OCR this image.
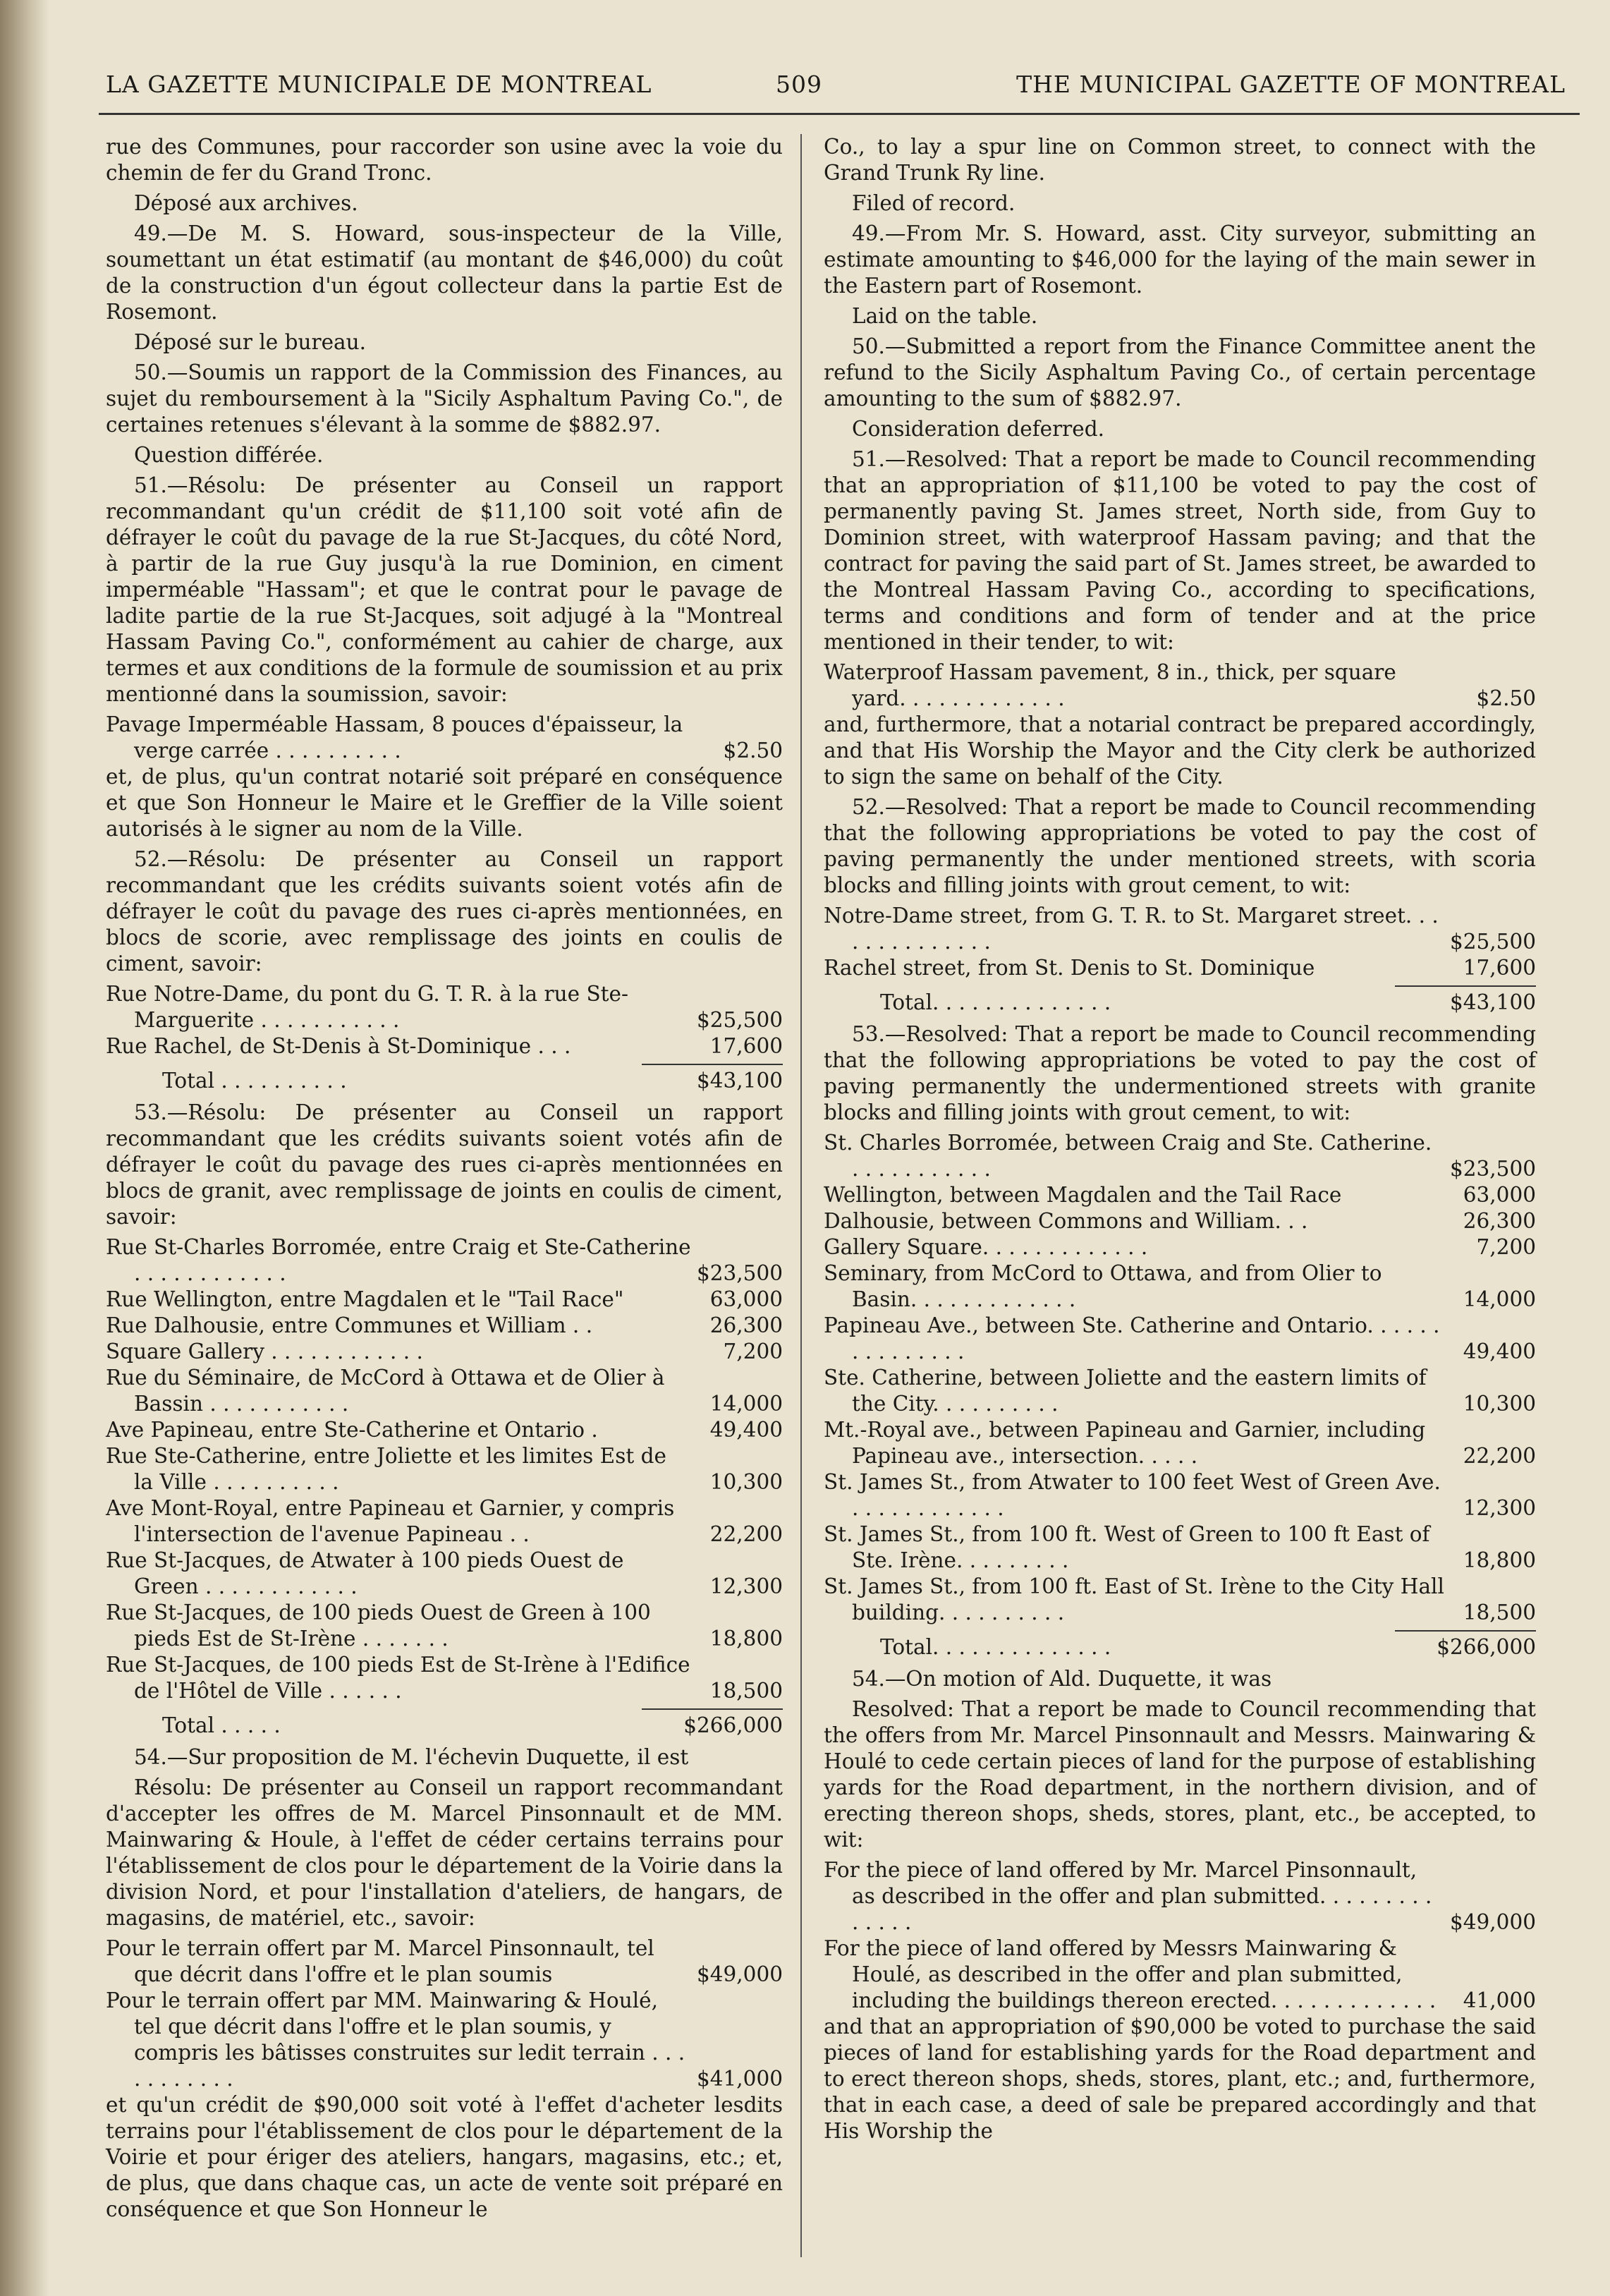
LA GAZETTE MUNICIPALE DE MONTREAL	509	THE MUNICIPAL GAZETTE OF MONTREAL

rue des Communes, pour raccorder son usine avec la voie du chemin de fer du Grand Tronc.

Déposé aux archives.

49.—De M. S. Howard, sous-inspecteur de la Ville, soumettant un état estimatif (au montant de $46,000) du coût de la construction d'un égout collecteur dans la partie Est de Rosemont.

Déposé sur le bureau.

50.—Soumis un rapport de la Commission des Finances, au sujet du remboursement à la "Sicily Asphaltum Paving Co.", de certaines retenues s'élevant à la somme de $882.97.

Question différée.

51.—Résolu: De présenter au Conseil un rapport recommandant qu'un crédit de $11,100 soit voté afin de défrayer le coût du pavage de la rue St-Jacques, du côté Nord, à partir de la rue Guy jusqu'à la rue Dominion, en ciment imperméable "Hassam"; et que le contrat pour le pavage de ladite partie de la rue St-Jacques, soit adjugé à la "Montreal Hassam Paving Co.", conformément au cahier de charge, aux termes et aux conditions de la formule de soumission et au prix mentionné dans la soumission, savoir:

Pavage Imperméable Hassam, 8 pouces d'épaisseur, la verge carrée . . . . . . . . . .	$2.50

et, de plus, qu'un contrat notarié soit préparé en conséquence et que Son Honneur le Maire et le Greffier de la Ville soient autorisés à le signer au nom de la Ville.

52.—Résolu: De présenter au Conseil un rapport recommandant que les crédits suivants soient votés afin de défrayer le coût du pavage des rues ci-après mentionnées, en blocs de scorie, avec remplissage des joints en coulis de ciment, savoir:

Rue Notre-Dame, du pont du G. T. R. à la rue Ste-Marguerite . . . . . . . . . . .	$25,500
Rue Rachel, de St-Denis à St-Dominique . . .	17,600
Total . . . . . . . . . .	$43,100

53.—Résolu: De présenter au Conseil un rapport recommandant que les crédits suivants soient votés afin de défrayer le coût du pavage des rues ci-après mentionnées en blocs de granit, avec remplissage de joints en coulis de ciment, savoir:

Rue St-Charles Borromée, entre Craig et Ste-Catherine . . . . . . . . . . . .	$23,500
Rue Wellington, entre Magdalen et le "Tail Race"	63,000
Rue Dalhousie, entre Communes et William . .	26,300
Square Gallery . . . . . . . . . . . .	7,200
Rue du Séminaire, de McCord à Ottawa et de Olier à Bassin . . . . . . . . . . .	14,000
Ave Papineau, entre Ste-Catherine et Ontario .	49,400
Rue Ste-Catherine, entre Joliette et les limites Est de la Ville . . . . . . . . . .	10,300
Ave Mont-Royal, entre Papineau et Garnier, y compris l'intersection de l'avenue Papineau . .	22,200
Rue St-Jacques, de Atwater à 100 pieds Ouest de Green . . . . . . . . . . . .	12,300
Rue St-Jacques, de 100 pieds Ouest de Green à 100 pieds Est de St-Irène . . . . . . .	18,800
Rue St-Jacques, de 100 pieds Est de St-Irène à l'Edifice de l'Hôtel de Ville . . . . . .	18,500
Total . . . . .	$266,000

54.—Sur proposition de M. l'échevin Duquette, il est

Résolu: De présenter au Conseil un rapport recommandant d'accepter les offres de M. Marcel Pinsonnault et de MM. Mainwaring & Houle, à l'effet de céder certains terrains pour l'établissement de clos pour le département de la Voirie dans la division Nord, et pour l'installation d'ateliers, de hangars, de magasins, de matériel, etc., savoir:

Pour le terrain offert par M. Marcel Pinsonnault, tel que décrit dans l'offre et le plan soumis	$49,000
Pour le terrain offert par MM. Mainwaring & Houlé, tel que décrit dans l'offre et le plan soumis, y compris les bâtisses construites sur ledit terrain . . . . . . . . . . .	$41,000

et qu'un crédit de $90,000 soit voté à l'effet d'acheter lesdits terrains pour l'établissement de clos pour le département de la Voirie et pour ériger des ateliers, hangars, magasins, etc.; et, de plus, que dans chaque cas, un acte de vente soit préparé en conséquence et que Son Honneur le

Co., to lay a spur line on Common street, to connect with the Grand Trunk Ry line.

Filed of record.

49.—From Mr. S. Howard, asst. City surveyor, submitting an estimate amounting to $46,000 for the laying of the main sewer in the Eastern part of Rosemont.

Laid on the table.

50.—Submitted a report from the Finance Committee anent the refund to the Sicily Asphaltum Paving Co., of certain percentage amounting to the sum of $882.97.

Consideration deferred.

51.—Resolved: That a report be made to Council recommending that an appropriation of $11,100 be voted to pay the cost of permanently paving St. James street, North side, from Guy to Dominion street, with waterproof Hassam paving; and that the contract for paving the said part of St. James street, be awarded to the Montreal Hassam Paving Co., according to specifications, terms and conditions and form of tender and at the price mentioned in their tender, to wit:

Waterproof Hassam pavement, 8 in., thick, per square yard. . . . . . . . . . . . .	$2.50

and, furthermore, that a notarial contract be prepared accordingly, and that His Worship the Mayor and the City clerk be authorized to sign the same on behalf of the City.

52.—Resolved: That a report be made to Council recommending that the following appropriations be voted to pay the cost of paving permanently the under mentioned streets, with scoria blocks and filling joints with grout cement, to wit:

Notre-Dame street, from G. T. R. to St. Margaret street. . . . . . . . . . . . . .	$25,500
Rachel street, from St. Denis to St. Dominique	17,600
Total. . . . . . . . . . . . . .	$43,100

53.—Resolved: That a report be made to Council recommending that the following appropriations be voted to pay the cost of paving permanently the undermentioned streets with granite blocks and filling joints with grout cement, to wit:

St. Charles Borromée, between Craig and Ste. Catherine. . . . . . . . . . . .	$23,500
Wellington, between Magdalen and the Tail Race	63,000
Dalhousie, between Commons and William. . .	26,300
Gallery Square. . . . . . . . . . . . .	7,200
Seminary, from McCord to Ottawa, and from Olier to Basin. . . . . . . . . . . . .	14,000
Papineau Ave., between Ste. Catherine and Ontario. . . . . . . . . . . . . . .	49,400
Ste. Catherine, between Joliette and the eastern limits of the City. . . . . . . . . .	10,300
Mt.-Royal ave., between Papineau and Garnier, including Papineau ave., intersection. . . . .	22,200
St. James St., from Atwater to 100 feet West of Green Ave. . . . . . . . . . . . .	12,300
St. James St., from 100 ft. West of Green to 100 ft East of Ste. Irène. . . . . . . . .	18,800
St. James St., from 100 ft. East of St. Irène to the City Hall building. . . . . . . . . .	18,500
Total. . . . . . . . . . . . . .	$266,000

54.—On motion of Ald. Duquette, it was

Resolved: That a report be made to Council recommending that the offers from Mr. Marcel Pinsonnault and Messrs. Mainwaring & Houlé to cede certain pieces of land for the purpose of establishing yards for the Road department, in the northern division, and of erecting thereon shops, sheds, stores, plant, etc., be accepted, to wit:

For the piece of land offered by Mr. Marcel Pinsonnault, as described in the offer and plan submitted. . . . . . . . . . . . . .	$49,000
For the piece of land offered by Messrs Mainwaring & Houlé, as described in the offer and plan submitted, including the buildings thereon erected. . . . . . . . . . . . .	41,000

and that an appropriation of $90,000 be voted to purchase the said pieces of land for establishing yards for the Road department and to erect thereon shops, sheds, stores, plant, etc.; and, furthermore, that in each case, a deed of sale be prepared accordingly and that His Worship the
